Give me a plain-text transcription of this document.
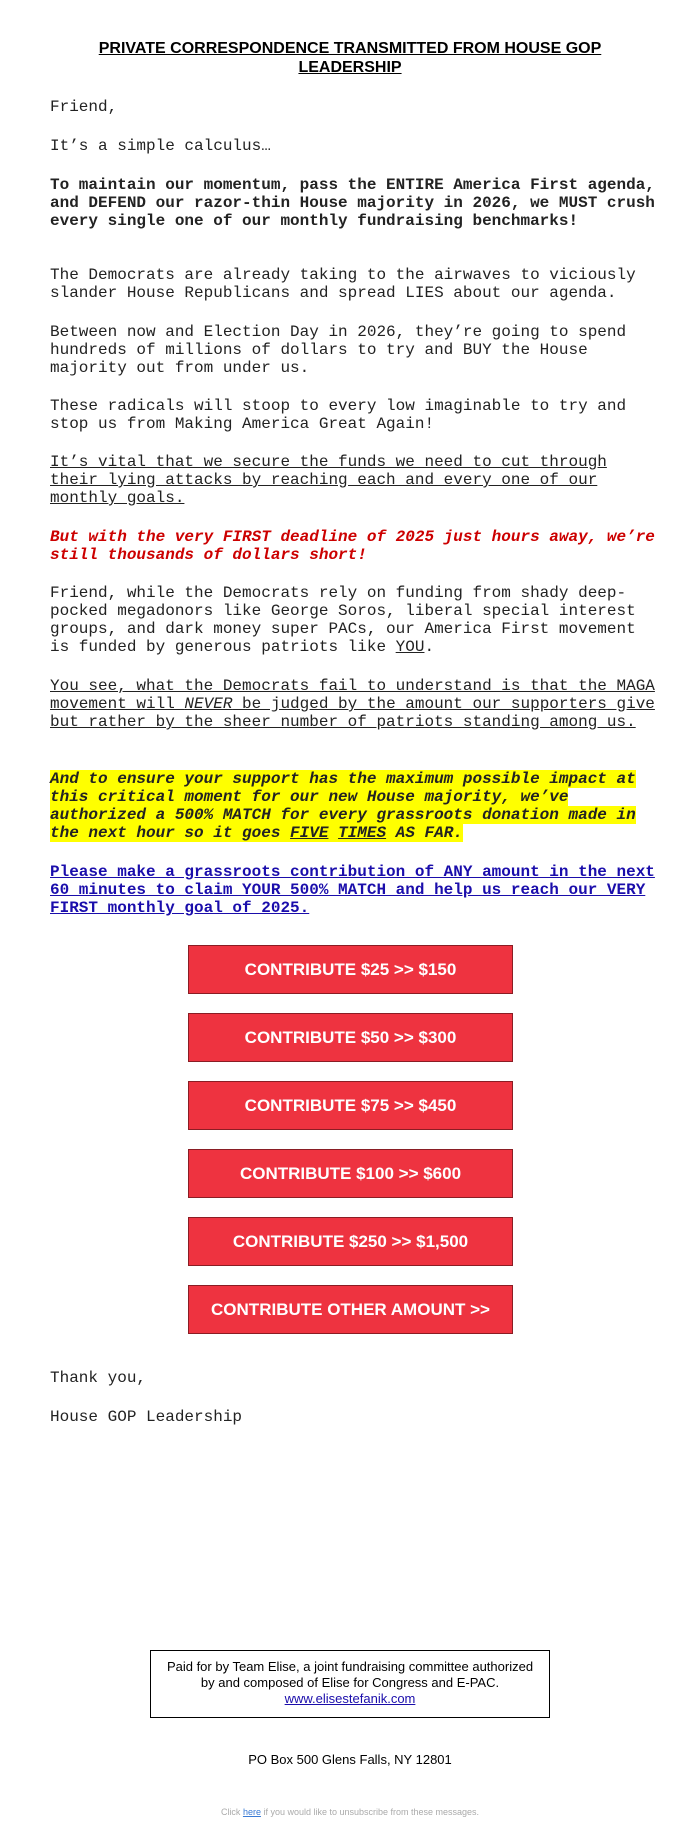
PRIVATE CORRESPONDENCE TRANSMITTED FROM HOUSE GOP LEADERSHIP

Friend,

It’s a simple calculus…

To maintain our momentum, pass the ENTIRE America First agenda, and DEFEND our razor-thin House majority in 2026, we MUST crush every single one of our monthly fundraising benchmarks!

The Democrats are already taking to the airwaves to viciously slander House Republicans and spread LIES about our agenda.

Between now and Election Day in 2026, they’re going to spend hundreds of millions of dollars to try and BUY the House majority out from under us.

These radicals will stoop to every low imaginable to try and stop us from Making America Great Again!

It’s vital that we secure the funds we need to cut through their lying attacks by reaching each and every one of our monthly goals.

But with the very FIRST deadline of 2025 just hours away, we’re still thousands of dollars short!

Friend, while the Democrats rely on funding from shady deep-pocked megadonors like George Soros, liberal special interest groups, and dark money super PACs, our America First movement is funded by generous patriots like YOU.

You see, what the Democrats fail to understand is that the MAGA movement will NEVER be judged by the amount our supporters give but rather by the sheer number of patriots standing among us.

And to ensure your support has the maximum possible impact at this critical moment for our new House majority, we’ve authorized a 500% MATCH for every grassroots donation made in the next hour so it goes FIVE TIMES AS FAR.

Please make a grassroots contribution of ANY amount in the next 60 minutes to claim YOUR 500% MATCH and help us reach our VERY FIRST monthly goal of 2025.

CONTRIBUTE $25 >> $150
CONTRIBUTE $50 >> $300
CONTRIBUTE $75 >> $450
CONTRIBUTE $100 >> $600
CONTRIBUTE $250 >> $1,500
CONTRIBUTE OTHER AMOUNT >>

Thank you,

House GOP Leadership

Paid for by Team Elise, a joint fundraising committee authorized by and composed of Elise for Congress and E-PAC. www.elisestefanik.com
PO Box 500 Glens Falls, NY 12801
Click here if you would like to unsubscribe from these messages.
